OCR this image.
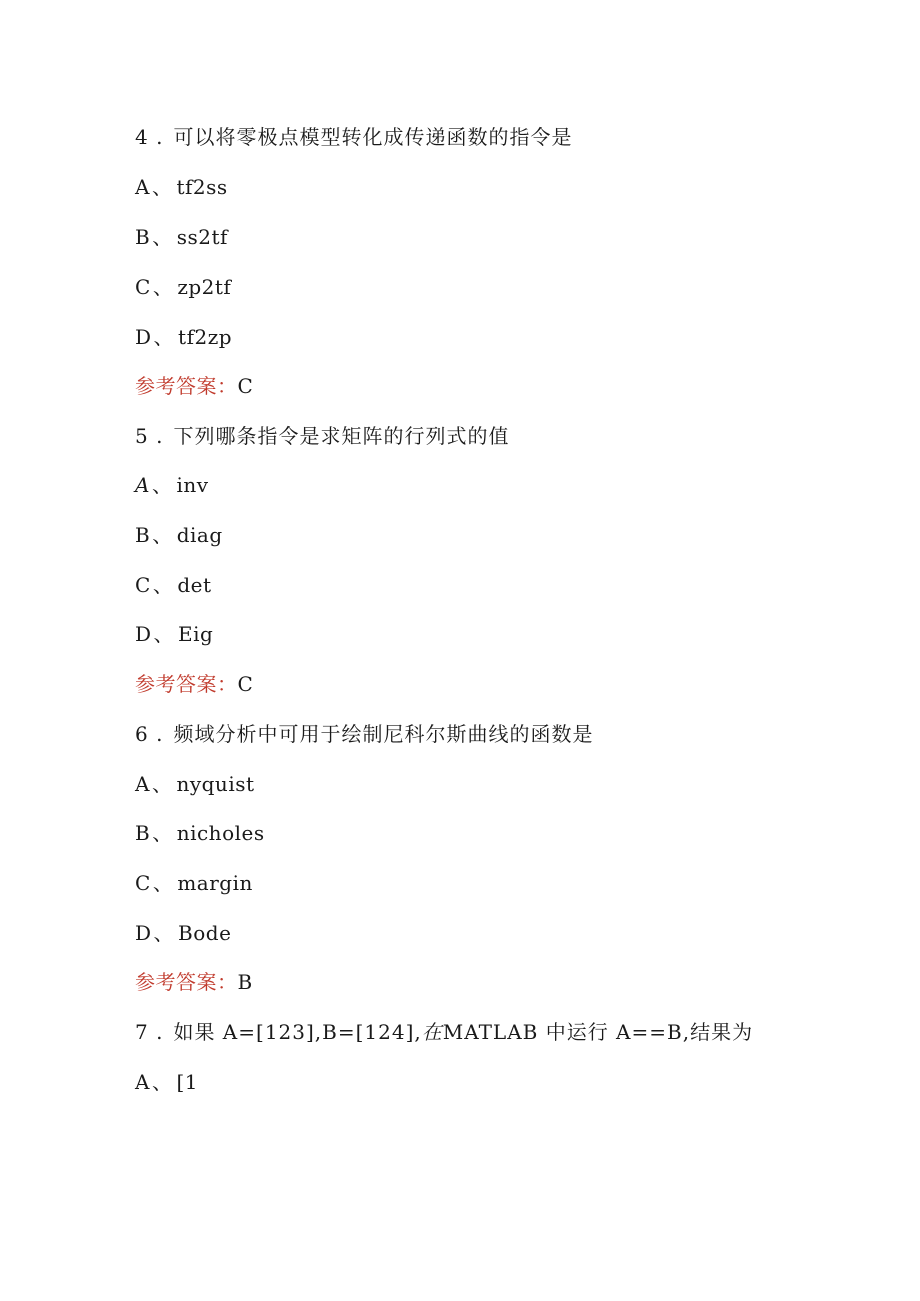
4 . 可以将零极点模型转化成传递函数的指令是
A 、 tf2ss
B 、 ss2tf
C 、 zp2tf
D 、 tf2zp
参考答案：C
5 . 下列哪条指令是求矩阵的行列式的值
A 、 inv
B 、 diag
C 、 det
D 、 Eig
参考答案：C
6 . 频域分析中可用于绘制尼科尔斯曲线的函数是
A 、 nyquist
B 、 nicholes
C 、 margin
D 、 Bode
参考答案：B
7 . 如果 A=[123],B=[124],在MATLAB 中运行 A==B,结果为
A 、 [1
